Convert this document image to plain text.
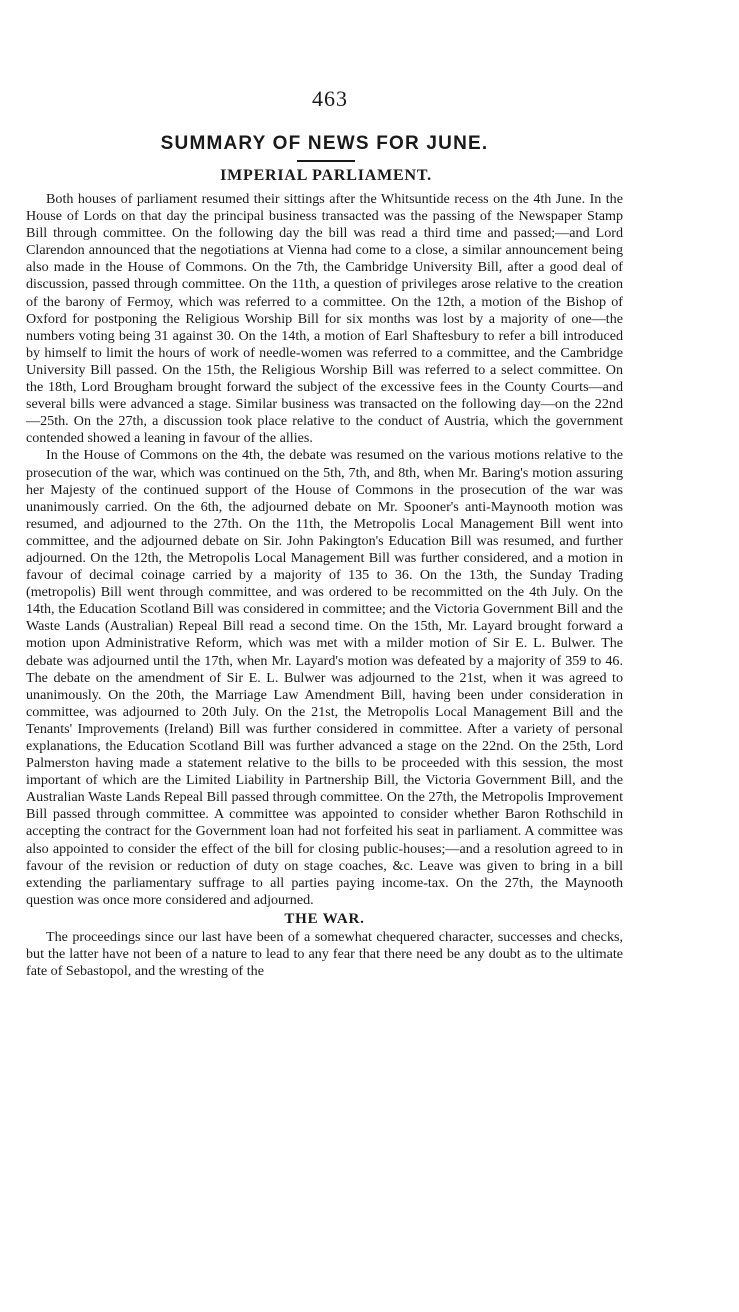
463
SUMMARY OF NEWS FOR JUNE.
IMPERIAL PARLIAMENT.

Both houses of parliament resumed their sittings after the Whitsuntide recess on the 4th June. In the House of Lords on that day the principal business transacted was the passing of the Newspaper Stamp Bill through committee. On the following day the bill was read a third time and passed;—and Lord Clarendon announced that the negotiations at Vienna had come to a close, a similar announcement being also made in the House of Commons. On the 7th, the Cambridge University Bill, after a good deal of discussion, passed through committee. On the 11th, a question of privileges arose relative to the creation of the barony of Fermoy, which was referred to a committee. On the 12th, a motion of the Bishop of Oxford for postponing the Religious Worship Bill for six months was lost by a majority of one—the numbers voting being 31 against 30. On the 14th, a motion of Earl Shaftesbury to refer a bill introduced by himself to limit the hours of work of needle-women was referred to a committee, and the Cambridge University Bill passed. On the 15th, the Religious Worship Bill was referred to a select committee. On the 18th, Lord Brougham brought forward the subject of the excessive fees in the County Courts—and several bills were advanced a stage. Similar business was transacted on the following day—on the 22nd—25th. On the 27th, a discussion took place relative to the conduct of Austria, which the government contended showed a leaning in favour of the allies.

In the House of Commons on the 4th, the debate was resumed on the various motions relative to the prosecution of the war, which was continued on the 5th, 7th, and 8th, when Mr. Baring's motion assuring her Majesty of the continued support of the House of Commons in the prosecution of the war was unanimously carried. On the 6th, the adjourned debate on Mr. Spooner's anti-Maynooth motion was resumed, and adjourned to the 27th. On the 11th, the Metropolis Local Management Bill went into committee, and the adjourned debate on Sir. John Pakington's Education Bill was resumed, and further adjourned. On the 12th, the Metropolis Local Management Bill was further considered, and a motion in favour of decimal coinage carried by a majority of 135 to 36. On the 13th, the Sunday Trading (metropolis) Bill went through committee, and was ordered to be recommitted on the 4th July. On the 14th, the Education Scotland Bill was considered in committee; and the Victoria Government Bill and the Waste Lands (Australian) Repeal Bill read a second time. On the 15th, Mr. Layard brought forward a motion upon Administrative Reform, which was met with a milder motion of Sir E. L. Bulwer. The debate was adjourned until the 17th, when Mr. Layard's motion was defeated by a majority of 359 to 46. The debate on the amendment of Sir E. L. Bulwer was adjourned to the 21st, when it was agreed to unanimously. On the 20th, the Marriage Law Amendment Bill, having been under consideration in committee, was adjourned to 20th July. On the 21st, the Metropolis Local Management Bill and the Tenants' Improvements (Ireland) Bill was further considered in committee. After a variety of personal explanations, the Education Scotland Bill was further advanced a stage on the 22nd. On the 25th, Lord Palmerston having made a statement relative to the bills to be proceeded with this session, the most important of which are the Limited Liability in Partnership Bill, the Victoria Government Bill, and the Australian Waste Lands Repeal Bill passed through committee. On the 27th, the Metropolis Improvement Bill passed through committee. A committee was appointed to consider whether Baron Rothschild in accepting the contract for the Government loan had not forfeited his seat in parliament. A committee was also appointed to consider the effect of the bill for closing public-houses;—and a resolution agreed to in favour of the revision or reduction of duty on stage coaches, &c. Leave was given to bring in a bill extending the parliamentary suffrage to all parties paying income-tax. On the 27th, the Maynooth question was once more considered and adjourned.

THE WAR.

The proceedings since our last have been of a somewhat chequered character, successes and checks, but the latter have not been of a nature to lead to any fear that there need be any doubt as to the ultimate fate of Sebastopol, and the wresting of the
